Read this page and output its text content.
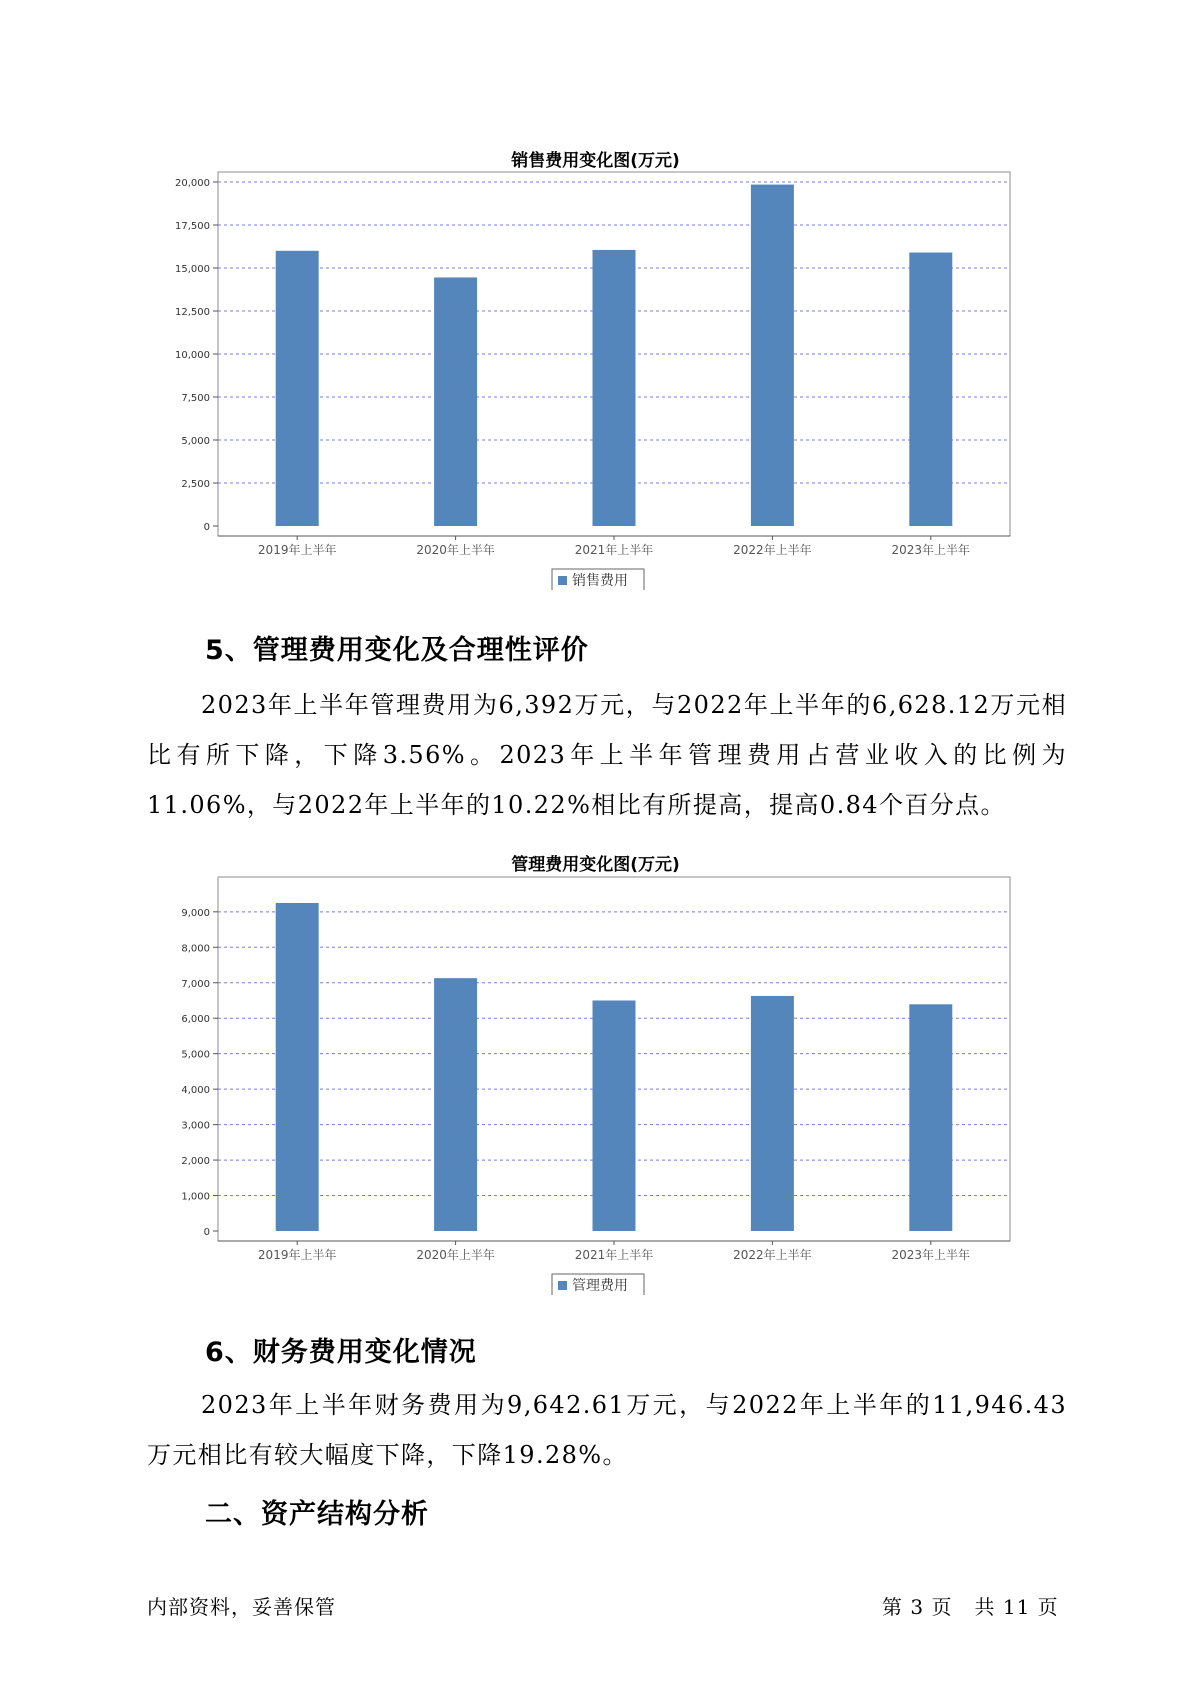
销售费用变化图(万元)
0
2,500
5,000
7,500
10,000
12,500
15,000
17,500
20,000
2019年上半年	2020年上半年	2021年上半年	2022年上半年	2023年上半年
销售费用
5、管理费用变化及合理性评价
2023年上半年管理费用为6,392万元，与2022年上半年的6,628.12万元相比有所下降，下降3.56%。2023年上半年管理费用占营业收入的比例为11.06%，与2022年上半年的10.22%相比有所提高，提高0.84个百分点。
管理费用变化图(万元)
0
1,000
2,000
3,000
4,000
5,000
6,000
7,000
8,000
9,000
2019年上半年	2020年上半年	2021年上半年	2022年上半年	2023年上半年
管理费用
6、财务费用变化情况
2023年上半年财务费用为9,642.61万元，与2022年上半年的11,946.43万元相比有较大幅度下降，下降19.28%。
二、资产结构分析
内部资料，妥善保管	第 3 页   共 11 页
